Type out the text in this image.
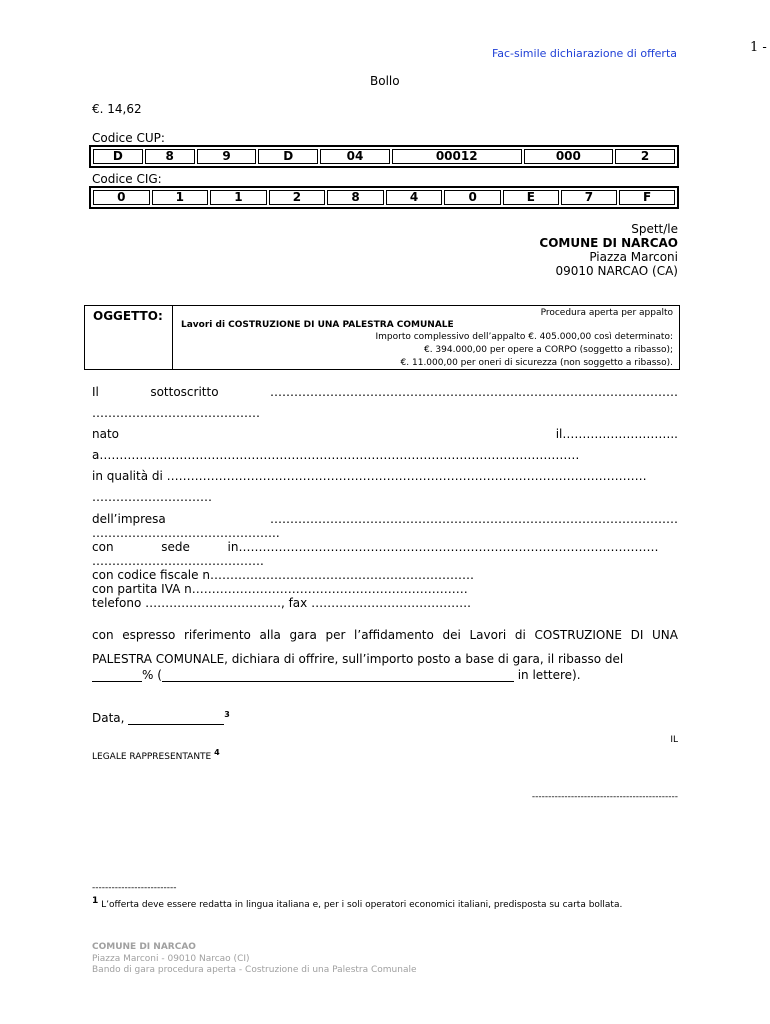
Fac-simile dichiarazione di offerta	1 -
Bollo
€. 14,62
Codice CUP:
D	8	9	D	04	00012	000	2
Codice CIG:
0	1	1	2	8	4	0	E	7	F
Spett/le
COMUNE DI NARCAO
Piazza Marconi
09010 NARCAO (CA)
OGGETTO:	Procedura aperta per appalto
Lavori di COSTRUZIONE DI UNA PALESTRA COMUNALE
Importo complessivo dell’appalto €. 405.000,00 così determinato:
€. 394.000,00 per opere a CORPO (soggetto a ribasso);
€. 11.000,00 per oneri di sicurezza (non soggetto a ribasso).
Il	sottoscritto	…………………………………………………………………………………………
……………………………………
nato	il………………………..
a…………………………………………………………………………………………………………
in qualità di …………………………………………………………………………………………………………
…………………………
dell’impresa	…………………………………………………………………………………………
………………………………………..
con	sede	in……………………………………………………………………………………………
…………………………………….
con codice fiscale n…………………………………………………………
con partita IVA n……………………………………………………………
telefono ……………………………., fax ………………………………….
con espresso riferimento alla gara per l’affidamento dei Lavori di COSTRUZIONE DI UNA PALESTRA COMUNALE, dichiara di offrire, sull’importo posto a base di gara, il ribasso del
% (	in lettere).
Data,	$^3$
IL
LEGALE RAPPRESENTANTE $^4$
---------------------------------------------
--------------------------
$^1$ L’offerta deve essere redatta in lingua italiana e, per i soli operatori economici italiani, predisposta su carta bollata.
COMUNE DI NARCAO
Piazza Marconi - 09010 Narcao (CI)
Bando di gara procedura aperta - Costruzione di una Palestra Comunale
